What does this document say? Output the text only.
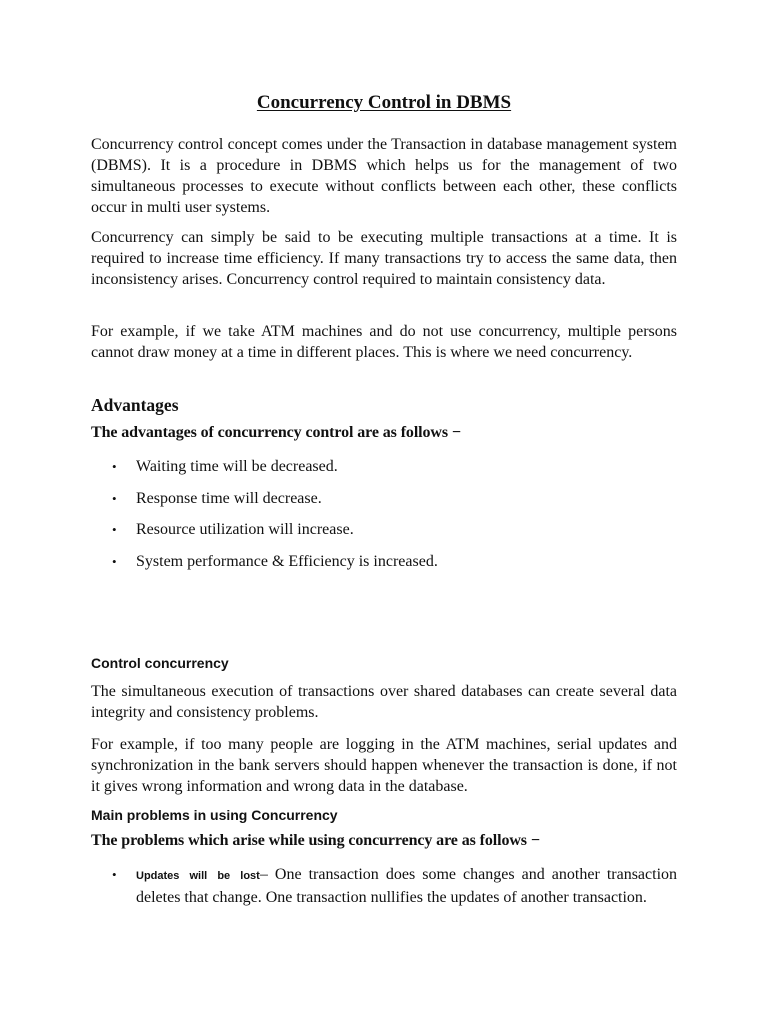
Concurrency Control in DBMS

Concurrency control concept comes under the Transaction in database management system (DBMS). It is a procedure in DBMS which helps us for the management of two simultaneous processes to execute without conflicts between each other, these conflicts occur in multi user systems.

Concurrency can simply be said to be executing multiple transactions at a time. It is required to increase time efficiency. If many transactions try to access the same data, then inconsistency arises. Concurrency control required to maintain consistency data.

For example, if we take ATM machines and do not use concurrency, multiple persons cannot draw money at a time in different places. This is where we need concurrency.

Advantages

The advantages of concurrency control are as follows −

• Waiting time will be decreased.
• Response time will decrease.
• Resource utilization will increase.
• System performance & Efficiency is increased.
Control concurrency

The simultaneous execution of transactions over shared databases can create several data integrity and consistency problems.

For example, if too many people are logging in the ATM machines, serial updates and synchronization in the bank servers should happen whenever the transaction is done, if not it gives wrong information and wrong data in the database.

Main problems in using Concurrency

The problems which arise while using concurrency are as follows −

• Updates will be lost– One transaction does some changes and another transaction deletes that change. One transaction nullifies the updates of another transaction.
